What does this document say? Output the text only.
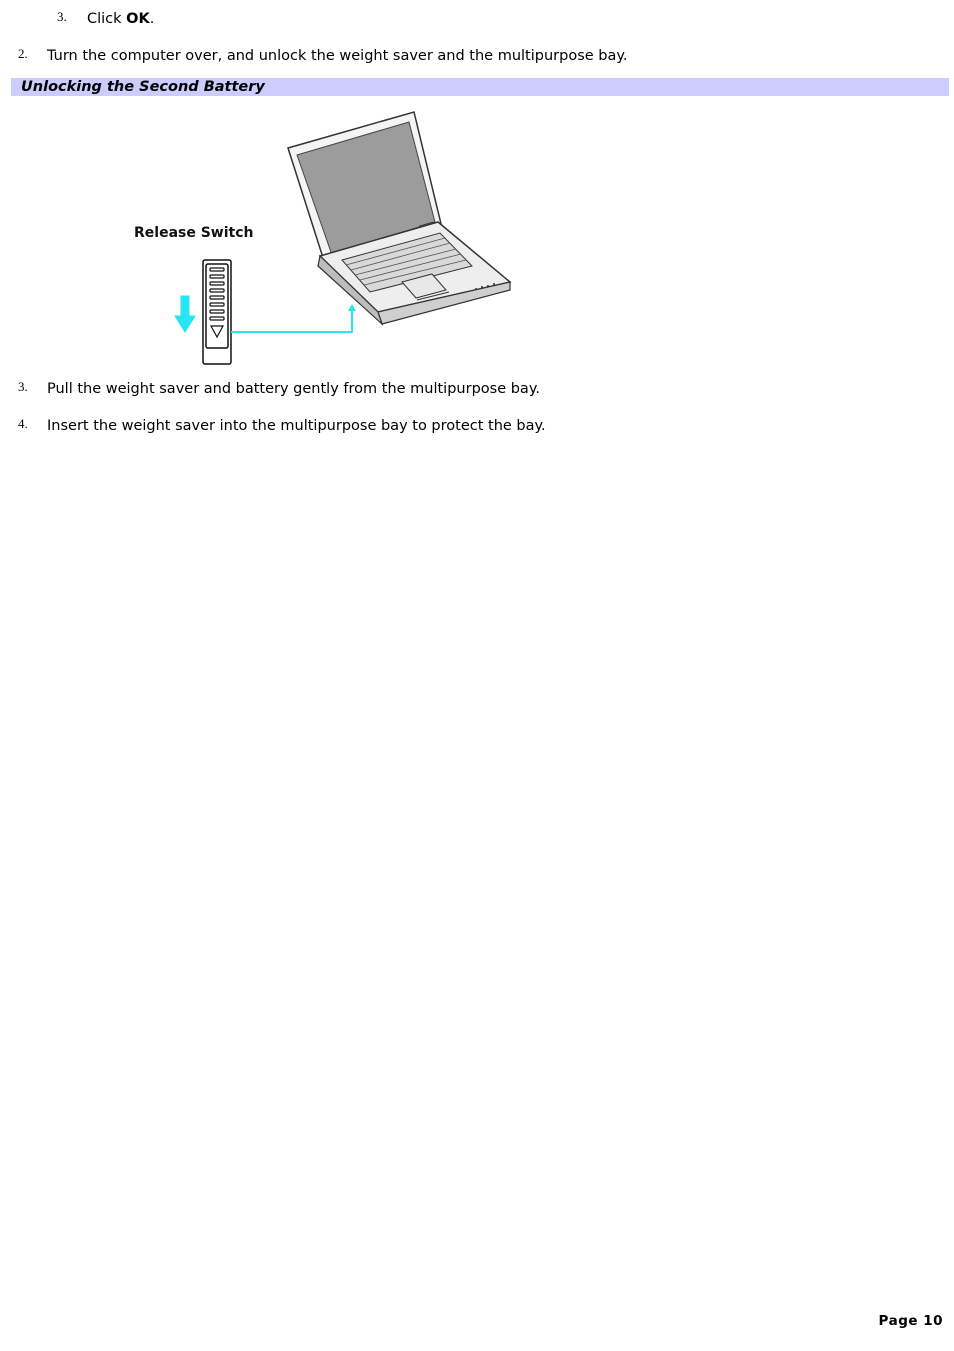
3. Click OK.
2. Turn the computer over, and unlock the weight saver and the multipurpose bay.
Unlocking the Second Battery
Release Switch
3. Pull the weight saver and battery gently from the multipurpose bay.
4. Insert the weight saver into the multipurpose bay to protect the bay.
Page 10
